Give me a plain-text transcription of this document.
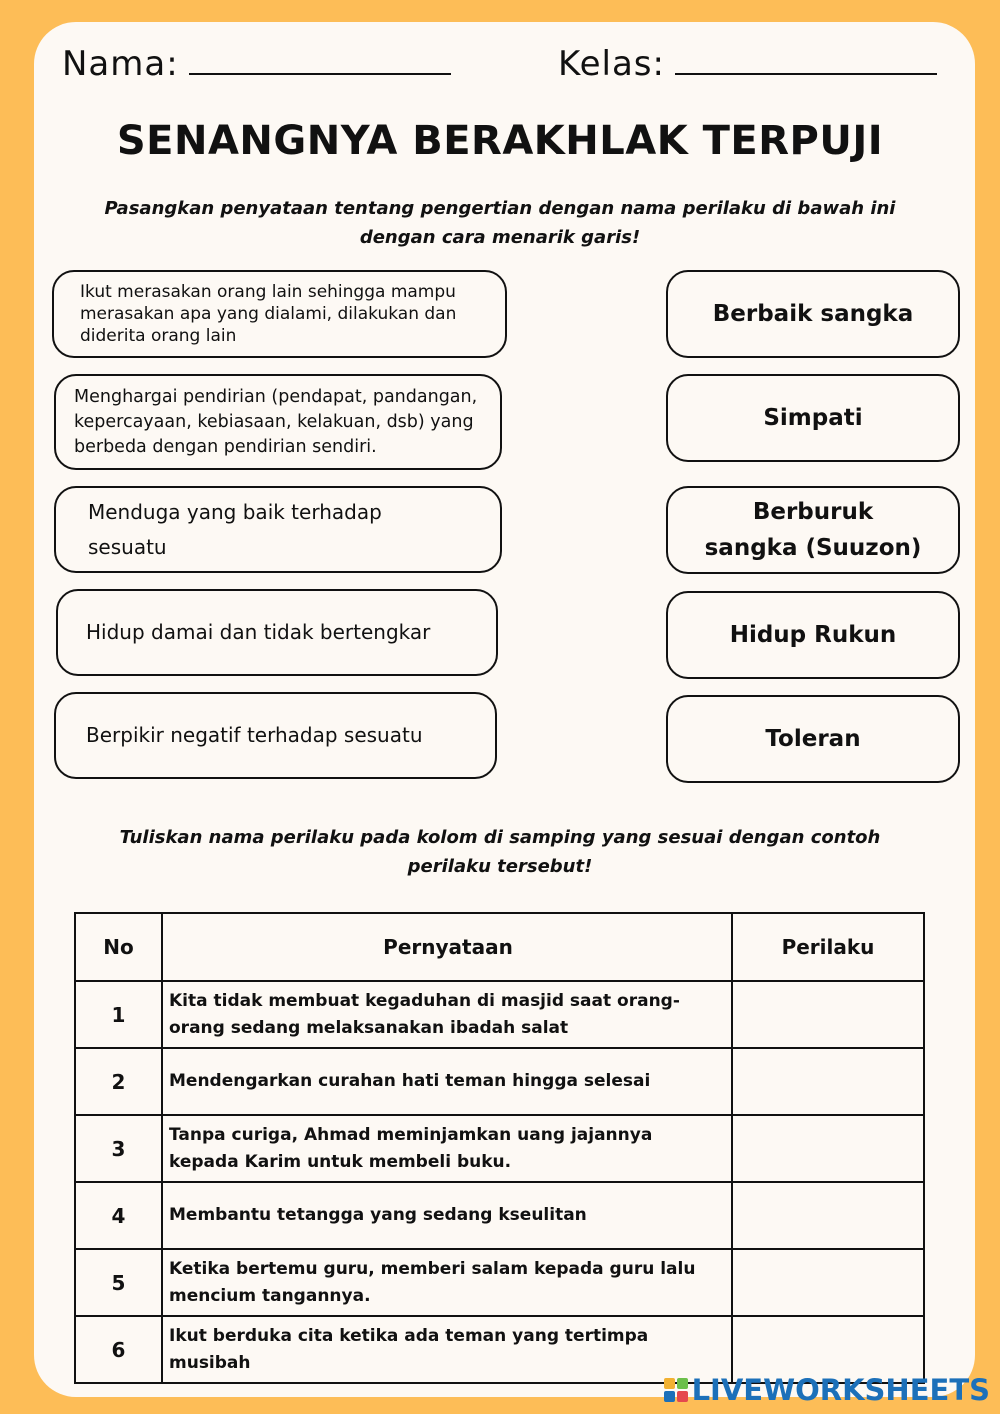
Nama:	Kelas:
SENANGNYA BERAKHLAK TERPUJI
Pasangkan penyataan tentang pengertian dengan nama perilaku di bawah ini
dengan cara menarik garis!
Ikut merasakan orang lain sehingga mampu merasakan apa yang dialami, dilakukan dan diderita orang lain
Menghargai pendirian (pendapat, pandangan, kepercayaan, kebiasaan, kelakuan, dsb) yang berbeda dengan pendirian sendiri.
Menduga yang baik terhadap sesuatu
Hidup damai dan tidak bertengkar
Berpikir negatif terhadap sesuatu
Berbaik sangka
Simpati
Berburuk sangka (Suuzon)
Hidup Rukun
Toleran
Tuliskan nama perilaku pada kolom di samping yang sesuai dengan contoh
perilaku tersebut!
No	Pernyataan	Perilaku
1	Kita tidak membuat kegaduhan di masjid saat orang-orang sedang melaksanakan ibadah salat	
2	Mendengarkan curahan hati teman hingga selesai	
3	Tanpa curiga, Ahmad meminjamkan uang jajannya kepada Karim untuk membeli buku.	
4	Membantu tetangga yang sedang kseulitan	
5	Ketika bertemu guru, memberi salam kepada guru lalu mencium tangannya.	
6	Ikut berduka cita ketika ada teman yang tertimpa musibah	
LIVEWORKSHEETS
